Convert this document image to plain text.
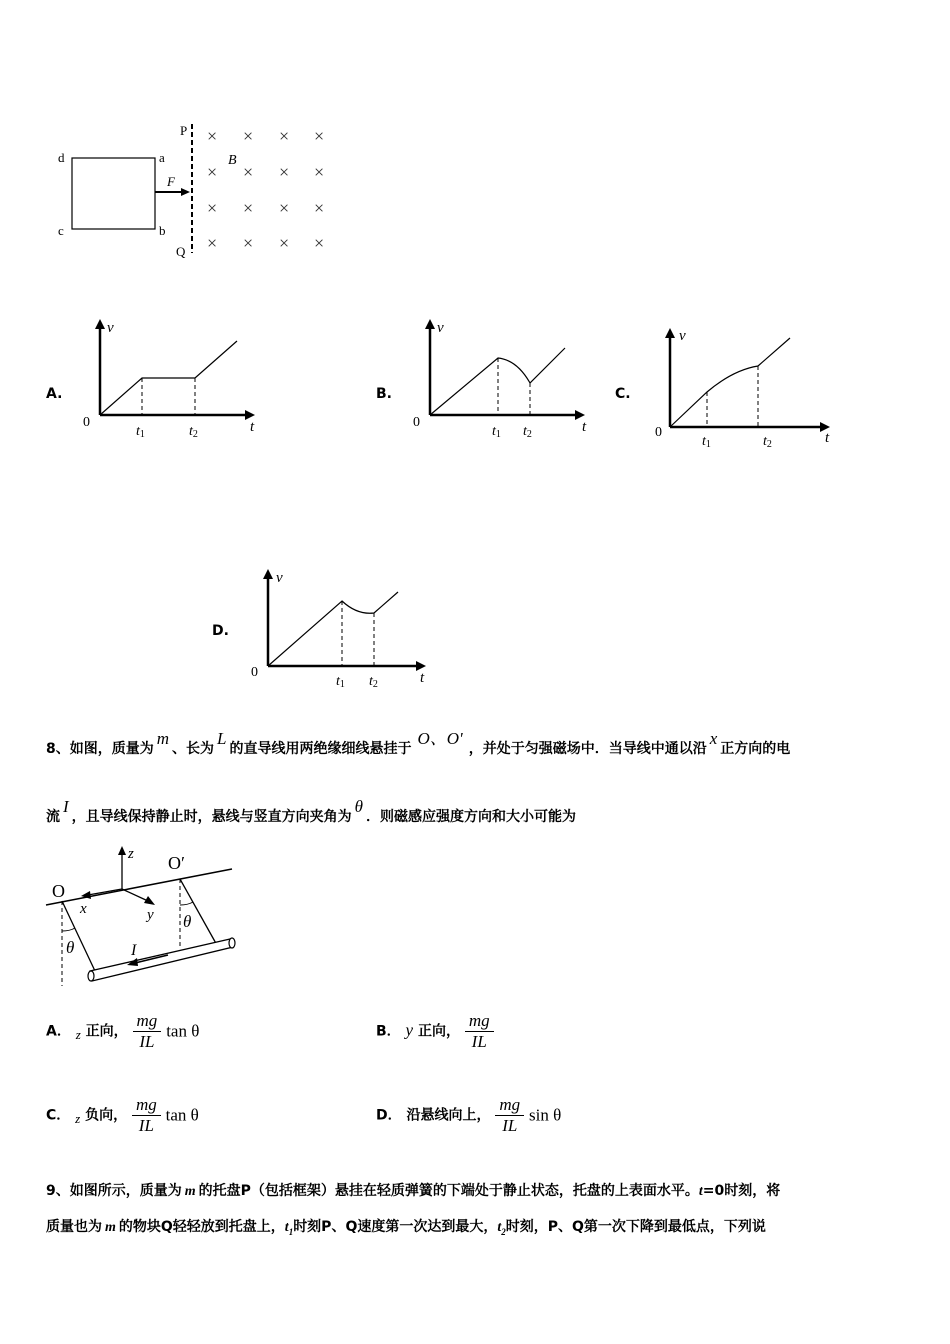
d	a
c	b
P
Q
B
F
× × × ×
× × × ×
× × × ×
× × × ×
A.
v
t
0
t1	t2
B.
v
t
0
t1 t2
C.
v
t
0
t1	t2
D.
v
t
0
t1 t2
8、如图，质量为m、长为L的直导线用两绝缘细线悬挂于O、O'，并处于匀强磁场中．当导线中通以沿x正方向的电
流I，且导线保持静止时，悬线与竖直方向夹角为θ．则磁感应强度方向和大小可能为
O
O′
x	y
z
θ
θ
I
A． z 正向， $\frac{mg}{IL}$ tan θ	B． y 正向， $\frac{mg}{IL}$
C． z 负向， $\frac{mg}{IL}$ tan θ	D． 沿悬线向上， $\frac{mg}{IL}$ sin θ
9、如图所示，质量为 m 的托盘P（包括框架）悬挂在轻质弹簧的下端处于静止状态，托盘的上表面水平。t=0时刻，将
质量也为 m 的物块Q轻轻放到托盘上，$t_1$时刻P、Q速度第一次达到最大，$t_2$时刻，P、Q第一次下降到最低点，下列说
